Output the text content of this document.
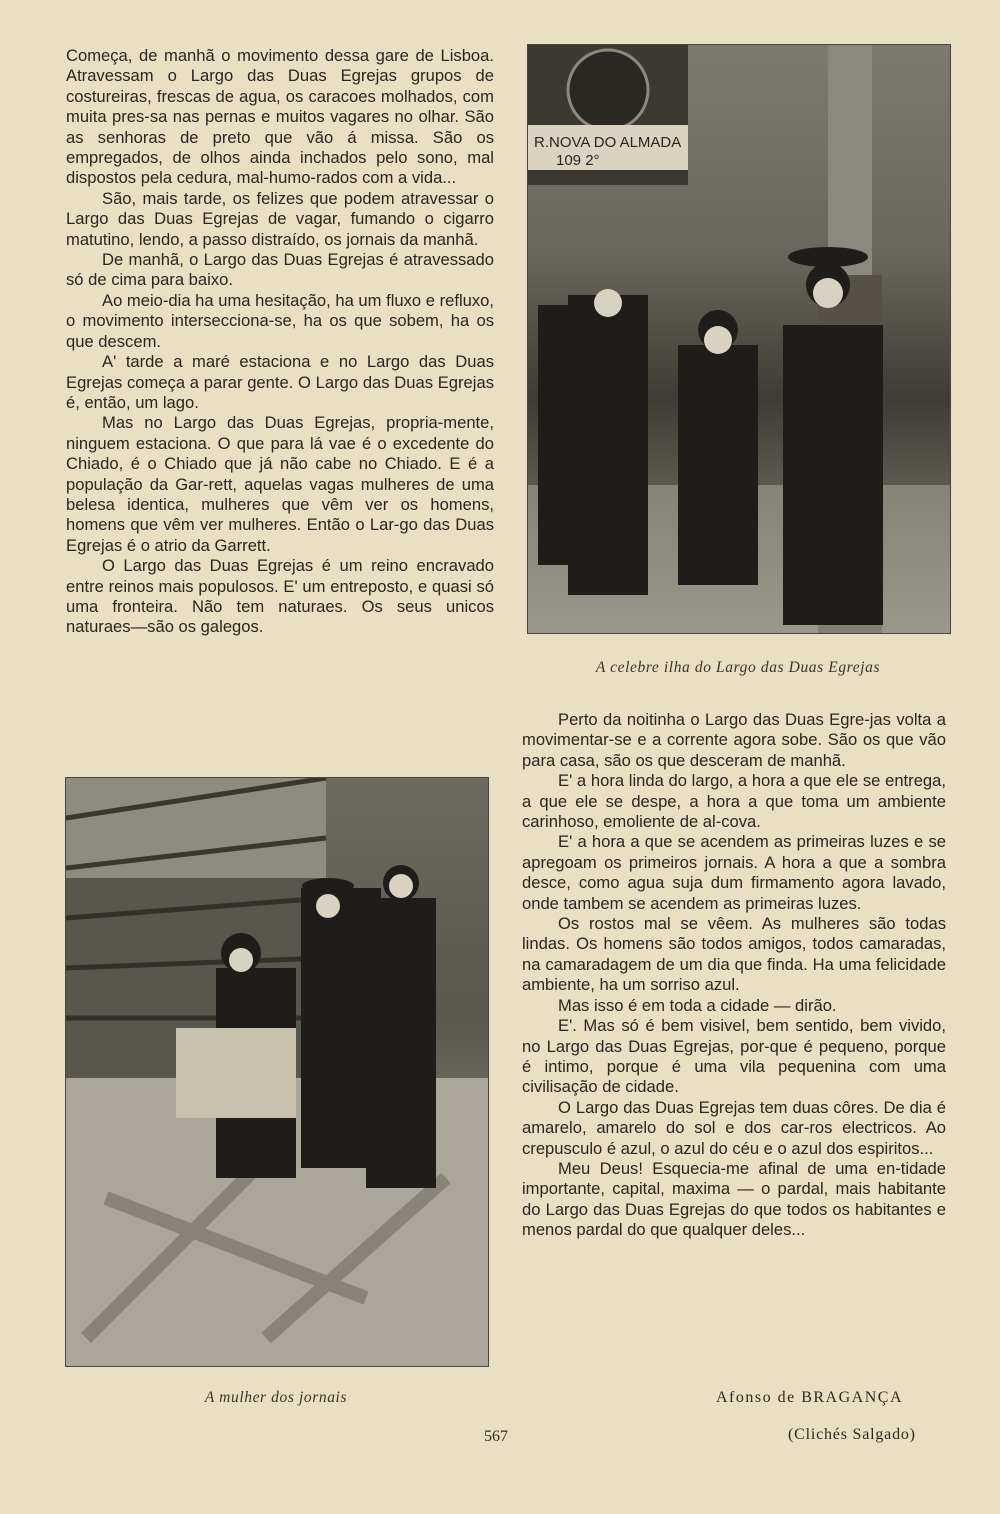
Começa, de manhã o movimento dessa gare de Lisboa. Atravessam o Largo das Duas Egrejas grupos de costureiras, frescas de agua, os caracoes molhados, com muita pres-sa nas pernas e muitos vagares no olhar. São as senhoras de preto que vão á missa. São os empregados, de olhos ainda inchados pelo sono, mal dispostos pela cedura, mal-humo-rados com a vida...

São, mais tarde, os felizes que podem atravessar o Largo das Duas Egrejas de vagar, fumando o cigarro matutino, lendo, a passo distraído, os jornais da manhã.

De manhã, o Largo das Duas Egrejas é atravessado só de cima para baixo.

Ao meio-dia ha uma hesitação, ha um fluxo e refluxo, o movimento intersecciona-se, ha os que sobem, ha os que descem.

A' tarde a maré estaciona e no Largo das Duas Egrejas começa a parar gente. O Largo das Duas Egrejas é, então, um lago.

Mas no Largo das Duas Egrejas, propria-mente, ninguem estaciona. O que para lá vae é o excedente do Chiado, é o Chiado que já não cabe no Chiado. E é a população da Gar-rett, aquelas vagas mulheres de uma belesa identica, mulheres que vêm ver os homens, homens que vêm ver mulheres. Então o Lar-go das Duas Egrejas é o atrio da Garrett.

O Largo das Duas Egrejas é um reino encravado entre reinos mais populosos. E' um entreposto, e quasi só uma fronteira. Não tem naturaes. Os seus unicos naturaes—são os galegos.

R.NOVA DO ALMADA
109 2°
A celebre ilha do Largo das Duas Egrejas
A mulher dos jornais

Perto da noitinha o Largo das Duas Egre-jas volta a movimentar-se e a corrente agora sobe. São os que vão para casa, são os que desceram de manhã.

E' a hora linda do largo, a hora a que ele se entrega, a que ele se despe, a hora a que toma um ambiente carinhoso, emoliente de al-cova.

E' a hora a que se acendem as primeiras luzes e se apregoam os primeiros jornais. A hora a que a sombra desce, como agua suja dum firmamento agora lavado, onde tambem se acendem as primeiras luzes.

Os rostos mal se vêem. As mulheres são todas lindas. Os homens são todos amigos, todos camaradas, na camaradagem de um dia que finda. Ha uma felicidade ambiente, ha um sorriso azul.

Mas isso é em toda a cidade — dirão.

E'. Mas só é bem visivel, bem sentido, bem vivido, no Largo das Duas Egrejas, por-que é pequeno, porque é intimo, porque é uma vila pequenina com uma civilisação de cidade.

O Largo das Duas Egrejas tem duas côres. De dia é amarelo, amarelo do sol e dos car-ros electricos. Ao crepusculo é azul, o azul do céu e o azul dos espiritos...

Meu Deus! Esquecia-me afinal de uma en-tidade importante, capital, maxima — o pardal, mais habitante do Largo das Duas Egrejas do que todos os habitantes e menos pardal do que qualquer deles...

Afonso de BRAGANÇA
567	(Clichés Salgado)
